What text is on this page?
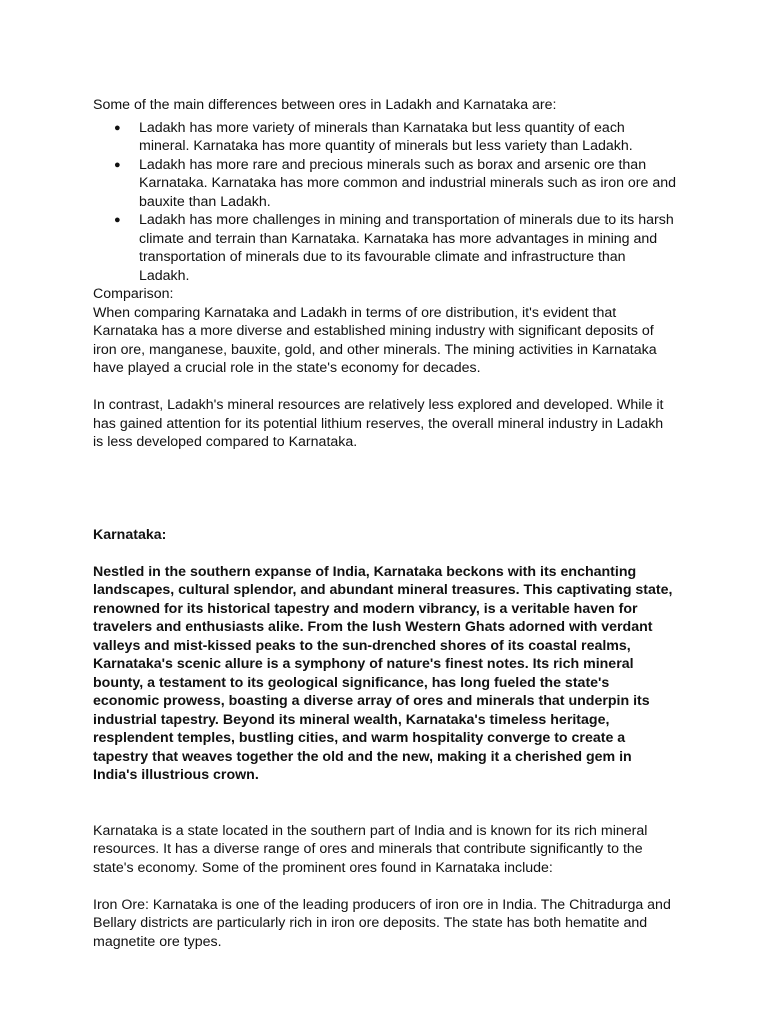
Some of the main differences between ores in Ladakh and Karnataka are:

● Ladakh has more variety of minerals than Karnataka but less quantity of each mineral. Karnataka has more quantity of minerals but less variety than Ladakh.
● Ladakh has more rare and precious minerals such as borax and arsenic ore than Karnataka. Karnataka has more common and industrial minerals such as iron ore and bauxite than Ladakh.
● Ladakh has more challenges in mining and transportation of minerals due to its harsh climate and terrain than Karnataka. Karnataka has more advantages in mining and transportation of minerals due to its favourable climate and infrastructure than Ladakh.

Comparison:

When comparing Karnataka and Ladakh in terms of ore distribution, it's evident that Karnataka has a more diverse and established mining industry with significant deposits of iron ore, manganese, bauxite, gold, and other minerals. The mining activities in Karnataka have played a crucial role in the state's economy for decades.

In contrast, Ladakh's mineral resources are relatively less explored and developed. While it has gained attention for its potential lithium reserves, the overall mineral industry in Ladakh is less developed compared to Karnataka.

Karnataka:

Nestled in the southern expanse of India, Karnataka beckons with its enchanting landscapes, cultural splendor, and abundant mineral treasures. This captivating state, renowned for its historical tapestry and modern vibrancy, is a veritable haven for travelers and enthusiasts alike. From the lush Western Ghats adorned with verdant valleys and mist-kissed peaks to the sun-drenched shores of its coastal realms, Karnataka's scenic allure is a symphony of nature's finest notes. Its rich mineral bounty, a testament to its geological significance, has long fueled the state's economic prowess, boasting a diverse array of ores and minerals that underpin its industrial tapestry. Beyond its mineral wealth, Karnataka's timeless heritage, resplendent temples, bustling cities, and warm hospitality converge to create a tapestry that weaves together the old and the new, making it a cherished gem in India's illustrious crown.

Karnataka is a state located in the southern part of India and is known for its rich mineral resources. It has a diverse range of ores and minerals that contribute significantly to the state's economy. Some of the prominent ores found in Karnataka include:

Iron Ore: Karnataka is one of the leading producers of iron ore in India. The Chitradurga and Bellary districts are particularly rich in iron ore deposits. The state has both hematite and magnetite ore types.
